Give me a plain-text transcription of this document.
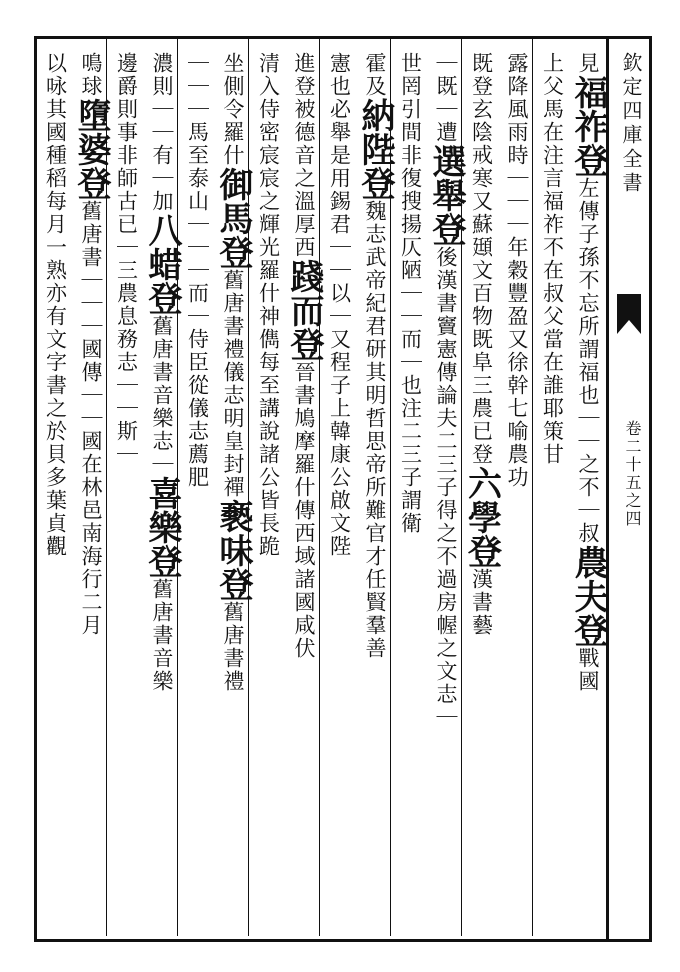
欽定四庫全書
卷二十五之四
見福祚登左傳子孫不忘所謂福也｜｜之不｜叔農夫登戰國
上父馬在注言福祚不在叔父當在誰耶策甘
露降風雨時｜｜｜年穀豐盈又徐幹七喻農功
既登玄陰戒寒又蘇頲文百物既阜三農已登六學登漢書藝
｜既｜遭選舉登後漢書竇憲傳論夫二三子得之不過房幄之文志｜
世罔引間非復搜揚仄陋｜｜而｜也注二三子謂衛
霍及納陛登魏志武帝紀君研其明哲思帝所難官才任賢羣善
憲也必舉是用錫君｜｜以｜又程子上韓康公啟文陛
進登被德音之溫厚西踐而登晉書鳩摩羅什傳西域諸國咸伏
清入侍密宸宸之輝光羅什神儁每至講說諸公皆長跪
坐側令羅什御馬登舊唐書禮儀志明皇封禪褻味登舊唐書禮
｜｜｜馬至泰山｜｜｜而｜侍臣從儀志薦肥
濃則｜｜有｜加八蜡登舊唐書音樂志｜喜樂登舊唐書音樂
邊爵則事非師古已｜三農息務志｜｜斯｜
鳴球墮婆登舊唐書｜｜｜國傳｜｜國在林邑南海行二月
以咏其國種稻每月一熟亦有文字書之於貝多葉貞觀
